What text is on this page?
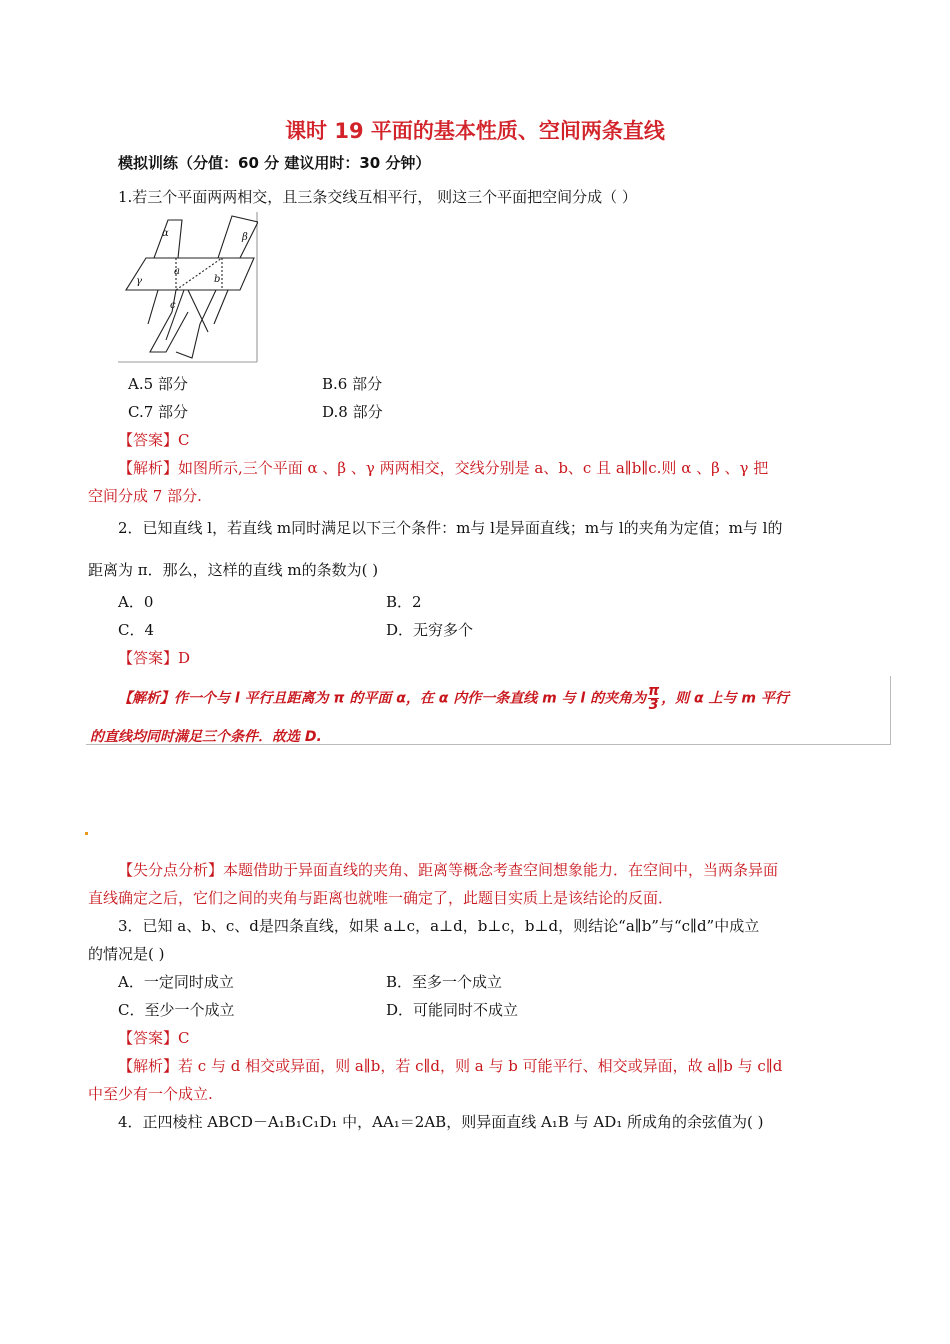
课时 19 平面的基本性质、空间两条直线
模拟训练（分值：60 分 建议用时：30 分钟）
1.若三个平面两两相交，且三条交线互相平行， 则这三个平面把空间分成（ ）
α	β
γ
a
b
c
A.5 部分	B.6 部分
C.7 部分	D.8 部分
【答案】C
【解析】如图所示,三个平面 α 、β 、γ 两两相交，交线分别是 a、b、c 且 a∥b∥c.则 α 、β 、γ 把
空间分成 7 部分.
2．已知直线 l，若直线 m同时满足以下三个条件：m与 l是异面直线；m与 l的夹角为定值；m与 l的
距离为 π．那么，这样的直线 m的条数为( )
A．0	B．2
C．4	D．无穷多个
【答案】D
【解析】作一个与 l 平行且距离为 π 的平面 α，在 α 内作一条直线 m 与 l 的夹角为 $\frac{\pi}{3}$ ，则 α 上与 m 平行
的直线均同时满足三个条件．故选 D.
【失分点分析】本题借助于异面直线的夹角、距离等概念考查空间想象能力．在空间中，当两条异面
直线确定之后，它们之间的夹角与距离也就唯一确定了，此题目实质上是该结论的反面．
3．已知 a、b、c、d是四条直线，如果 a⊥c，a⊥d，b⊥c，b⊥d，则结论“a∥b”与“c∥d”中成立
的情况是( )
A．一定同时成立	B．至多一个成立
C．至少一个成立	D．可能同时不成立
【答案】C
【解析】若 c 与 d 相交或异面，则 a∥b，若 c∥d，则 a 与 b 可能平行、相交或异面，故 a∥b 与 c∥d
中至少有一个成立.
4．正四棱柱 ABCD－A₁B₁C₁D₁ 中，AA₁＝2AB，则异面直线 A₁B 与 AD₁ 所成角的余弦值为( )
